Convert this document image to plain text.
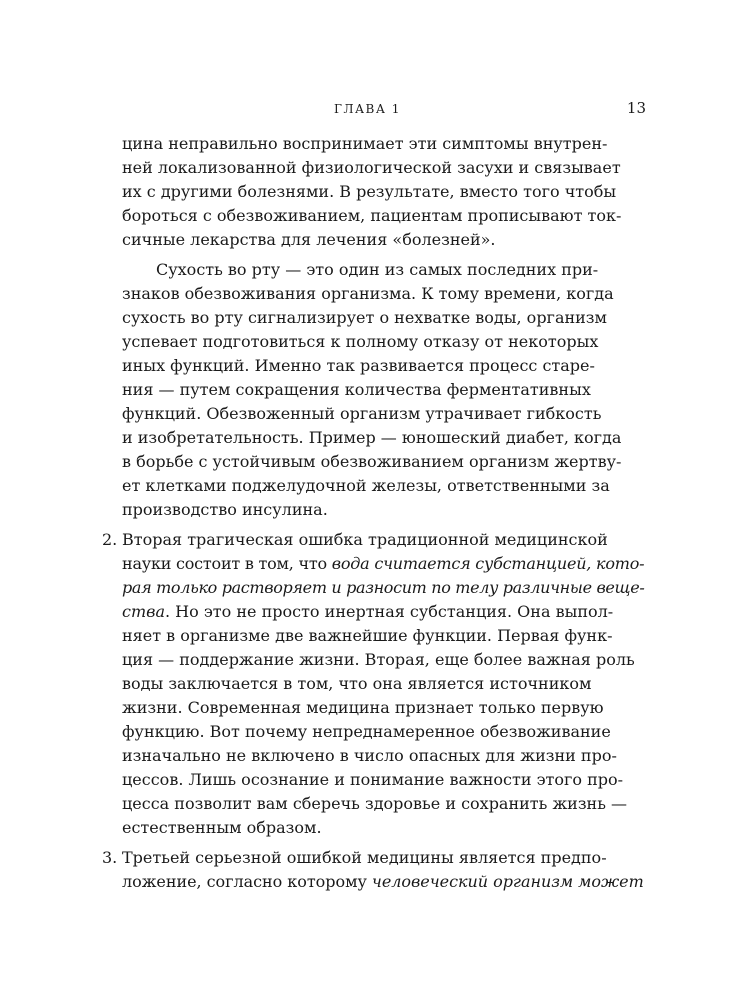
ГЛАВА 1	13
цина неправильно воспринимает эти симптомы внутрен-
ней локализованной физиологической засухи и связывает
их с другими болезнями. В результате, вместо того чтобы
бороться с обезвоживанием, пациентам прописывают ток-
сичные лекарства для лечения «болезней».
Сухость во рту — это один из самых последних при-
знаков обезвоживания организма. К тому времени, когда
сухость во рту сигнализирует о нехватке воды, организм
успевает подготовиться к полному отказу от некоторых
иных функций. Именно так развивается процесс старе-
ния — путем сокращения количества ферментативных
функций. Обезвоженный организм утрачивает гибкость
и изобретательность. Пример — юношеский диабет, когда
в борьбе с устойчивым обезвоживанием организм жертву-
ет клетками поджелудочной железы, ответственными за
производство инсулина.
2. Вторая трагическая ошибка традиционной медицинской
науки состоит в том, что вода считается субстанцией, кото-
рая только растворяет и разносит по телу различные веще-
ства. Но это не просто инертная субстанция. Она выпол-
няет в организме две важнейшие функции. Первая функ-
ция — поддержание жизни. Вторая, еще более важная роль
воды заключается в том, что она является источником
жизни. Современная медицина признает только первую
функцию. Вот почему непреднамеренное обезвоживание
изначально не включено в число опасных для жизни про-
цессов. Лишь осознание и понимание важности этого про-
цесса позволит вам сберечь здоровье и сохранить жизнь —
естественным образом.
3. Третьей серьезной ошибкой медицины является предпо-
ложение, согласно которому человеческий организм может
